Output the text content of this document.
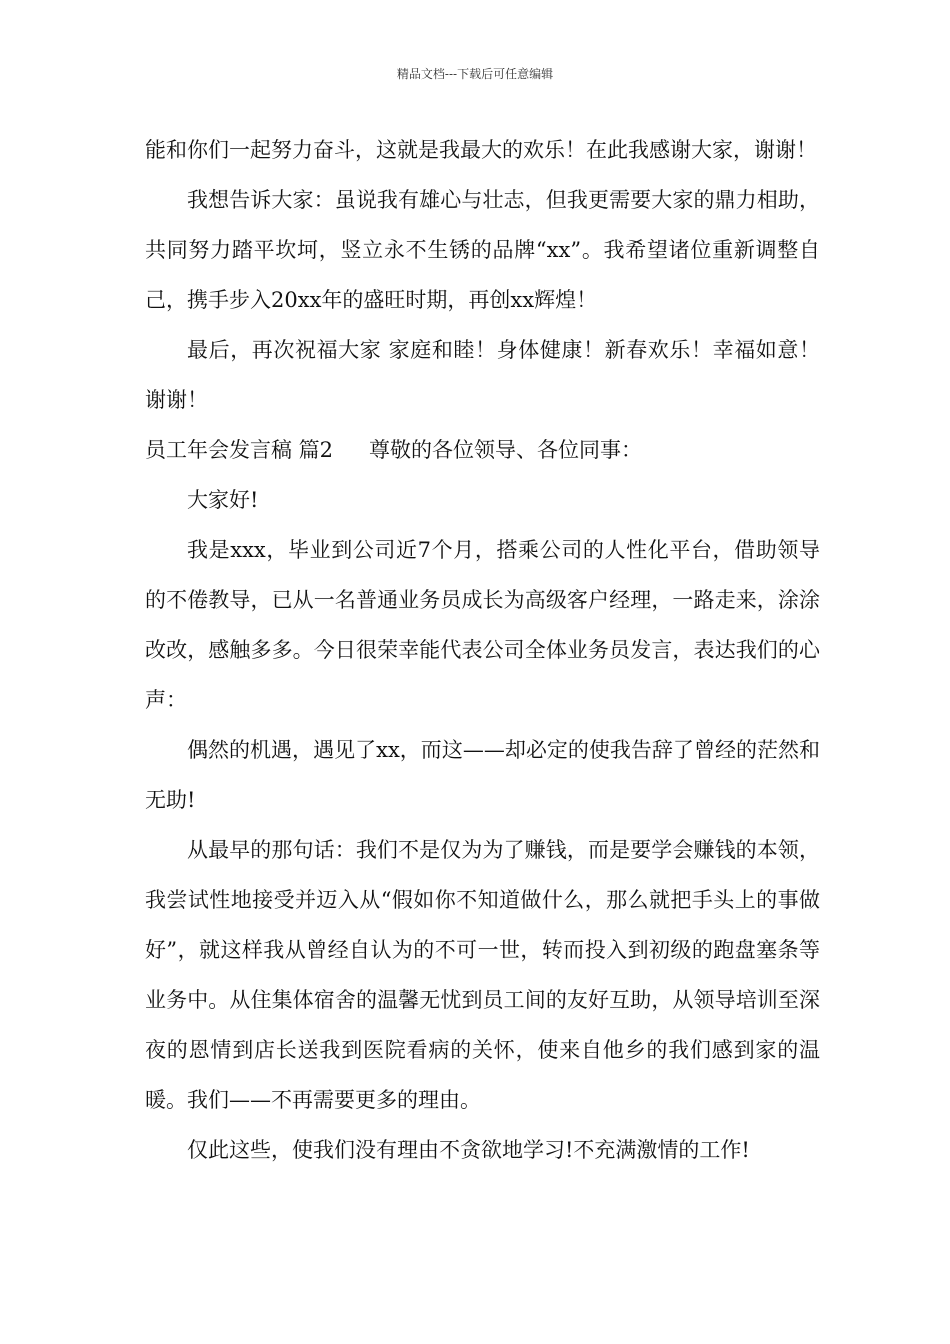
精品文档---下载后可任意编辑

能和你们一起努力奋斗，这就是我最大的欢乐！在此我感谢大家，谢谢！

我想告诉大家：虽说我有雄心与壮志，但我更需要大家的鼎力相助，共同努力踏平坎坷，竖立永不生锈的品牌“xx”。我希望诸位重新调整自己，携手步入20xx年的盛旺时期，再创xx辉煌！

最后，再次祝福大家 家庭和睦！身体健康！新春欢乐！幸福如意！谢谢！

员工年会发言稿 篇2 尊敬的各位领导、各位同事：

大家好!

我是xxx，毕业到公司近7个月，搭乘公司的人性化平台，借助领导的不倦教导，已从一名普通业务员成长为高级客户经理，一路走来，涂涂改改，感触多多。今日很荣幸能代表公司全体业务员发言，表达我们的心声：

偶然的机遇，遇见了xx，而这——却必定的使我告辞了曾经的茫然和无助!

从最早的那句话：我们不是仅为为了赚钱，而是要学会赚钱的本领，我尝试性地接受并迈入从“假如你不知道做什么，那么就把手头上的事做好”，就这样我从曾经自认为的不可一世，转而投入到初级的跑盘塞条等业务中。从住集体宿舍的温馨无忧到员工间的友好互助，从领导培训至深夜的恩情到店长送我到医院看病的关怀，使来自他乡的我们感到家的温暖。我们——不再需要更多的理由。

仅此这些，使我们没有理由不贪欲地学习!不充满激情的工作!
